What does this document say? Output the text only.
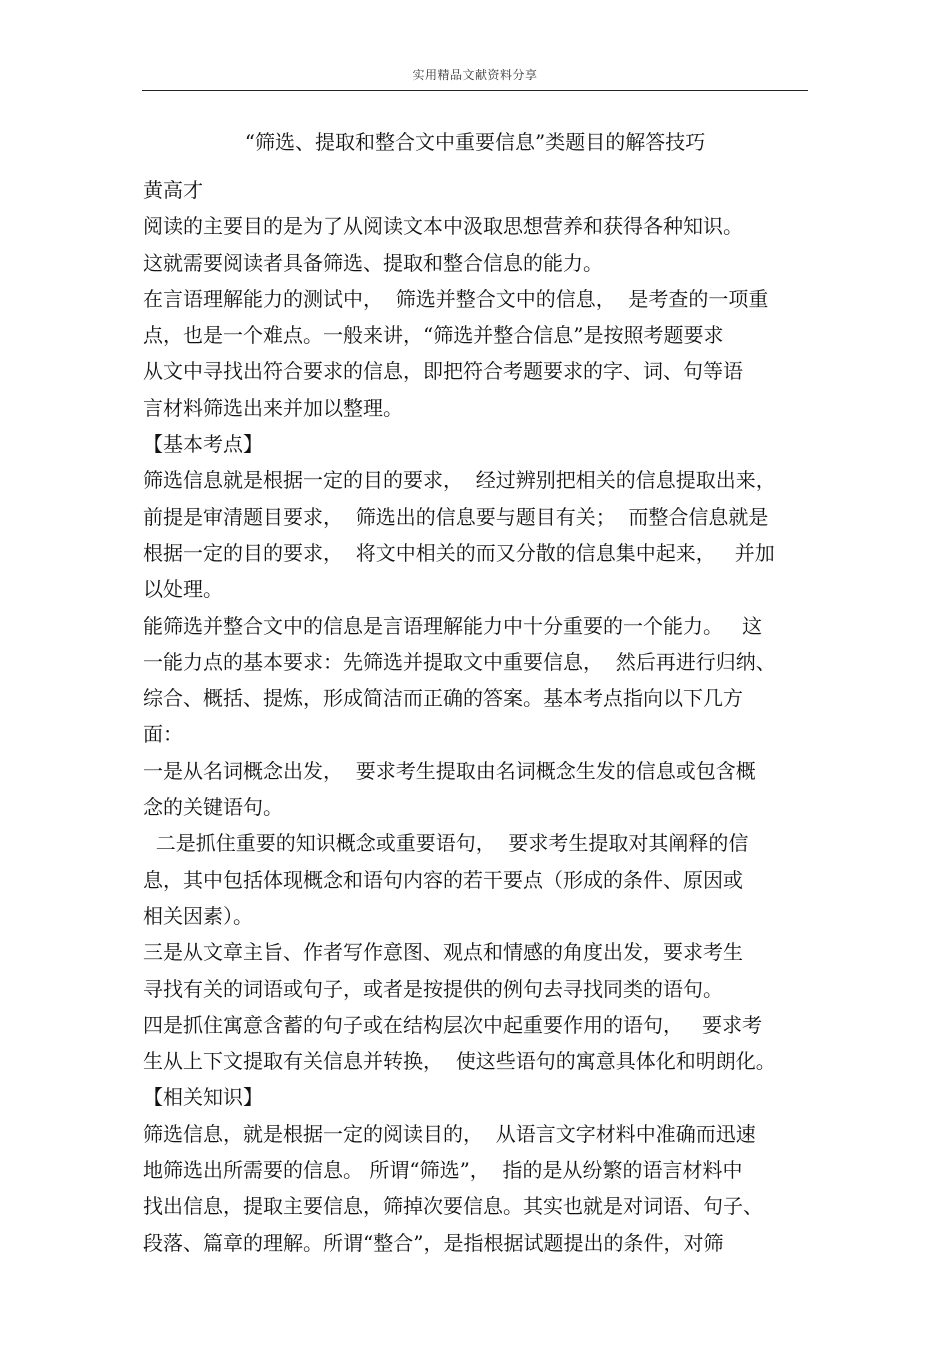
实用精品文献资料分享
“筛选、提取和整合文中重要信息”类题目的解答技巧
黄高才
阅读的主要目的是为了从阅读文本中汲取思想营养和获得各种知识。
这就需要阅读者具备筛选、提取和整合信息的能力。
在言语理解能力的测试中，  筛选并整合文中的信息，  是考查的一项重
点，也是一个难点。一般来讲，“筛选并整合信息”是按照考题要求
从文中寻找出符合要求的信息，即把符合考题要求的字、词、句等语
言材料筛选出来并加以整理。
【基本考点】
筛选信息就是根据一定的目的要求，  经过辨别把相关的信息提取出来，
前提是审清题目要求，  筛选出的信息要与题目有关；  而整合信息就是
根据一定的目的要求，  将文中相关的而又分散的信息集中起来，   并加
以处理。
能筛选并整合文中的信息是言语理解能力中十分重要的一个能力。   这
一能力点的基本要求：先筛选并提取文中重要信息，  然后再进行归纳、
综合、概括、提炼，形成简洁而正确的答案。基本考点指向以下几方
面：
一是从名词概念出发，  要求考生提取由名词概念生发的信息或包含概
念的关键语句。
二是抓住重要的知识概念或重要语句，  要求考生提取对其阐释的信
息，其中包括体现概念和语句内容的若干要点（形成的条件、原因或
相关因素）。
三是从文章主旨、作者写作意图、观点和情感的角度出发，要求考生
寻找有关的词语或句子，或者是按提供的例句去寻找同类的语句。
四是抓住寓意含蓄的句子或在结构层次中起重要作用的语句，   要求考
生从上下文提取有关信息并转换，  使这些语句的寓意具体化和明朗化。
【相关知识】
筛选信息，就是根据一定的阅读目的，  从语言文字材料中准确而迅速
地筛选出所需要的信息。 所谓“筛选”，  指的是从纷繁的语言材料中
找出信息，提取主要信息，筛掉次要信息。其实也就是对词语、句子、
段落、篇章的理解。所谓“整合”，是指根据试题提出的条件，对筛
